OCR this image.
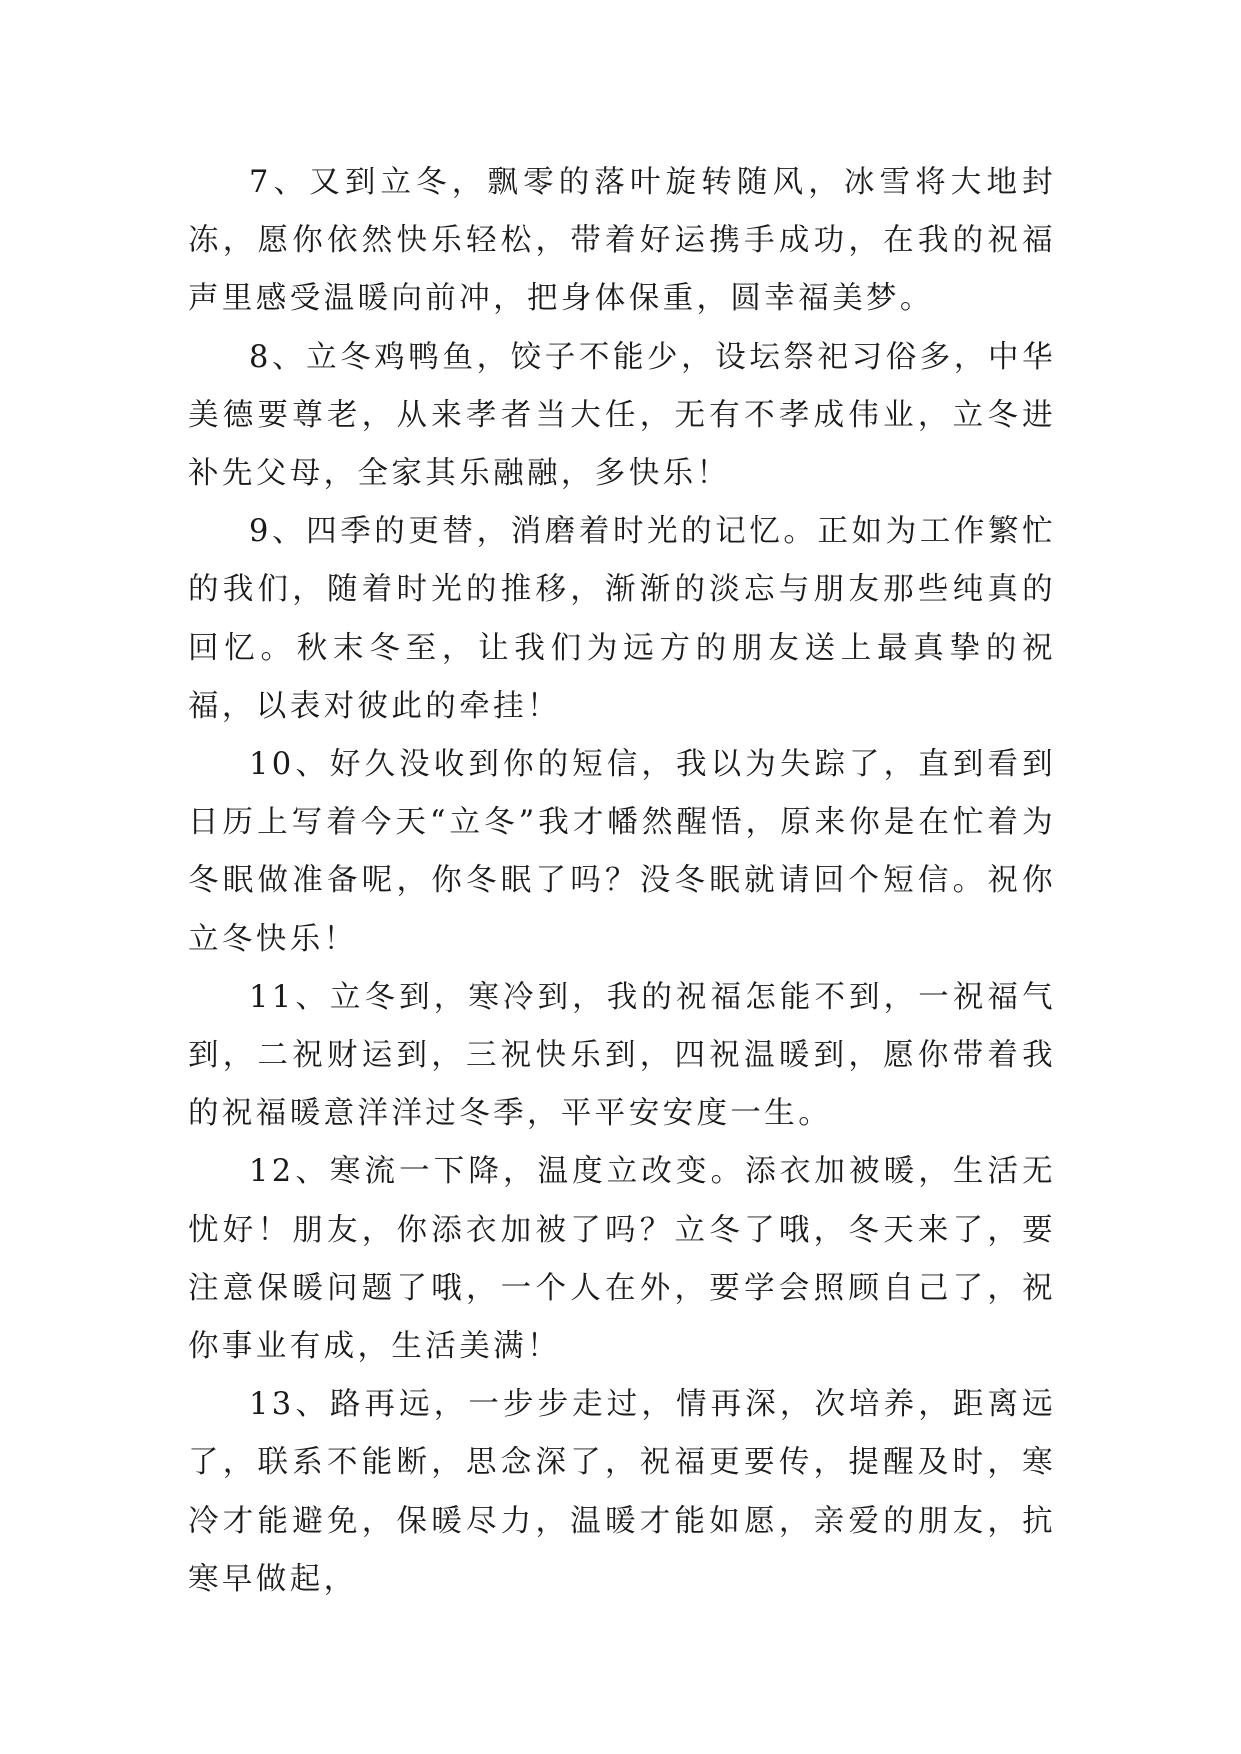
7、又到立冬，飘零的落叶旋转随风，冰雪将大地封冻，愿你依然快乐轻松，带着好运携手成功，在我的祝福声里感受温暖向前冲，把身体保重，圆幸福美梦。

8、立冬鸡鸭鱼，饺子不能少，设坛祭祀习俗多，中华美德要尊老，从来孝者当大任，无有不孝成伟业，立冬进补先父母，全家其乐融融，多快乐！

9、四季的更替，消磨着时光的记忆。正如为工作繁忙的我们，随着时光的推移，渐渐的淡忘与朋友那些纯真的回忆。秋末冬至，让我们为远方的朋友送上最真挚的祝福，以表对彼此的牵挂！

10、好久没收到你的短信，我以为失踪了，直到看到日历上写着今天“立冬”我才幡然醒悟，原来你是在忙着为冬眠做准备呢，你冬眠了吗？没冬眠就请回个短信。祝你立冬快乐！

11、立冬到，寒冷到，我的祝福怎能不到，一祝福气到，二祝财运到，三祝快乐到，四祝温暖到，愿你带着我的祝福暖意洋洋过冬季，平平安安度一生。

12、寒流一下降，温度立改变。添衣加被暖，生活无忧好！朋友，你添衣加被了吗？立冬了哦，冬天来了，要注意保暖问题了哦，一个人在外，要学会照顾自己了，祝你事业有成，生活美满！

13、路再远，一步步走过，情再深，次培养，距离远了，联系不能断，思念深了，祝福更要传，提醒及时，寒冷才能避免，保暖尽力，温暖才能如愿，亲爱的朋友，抗寒早做起，
